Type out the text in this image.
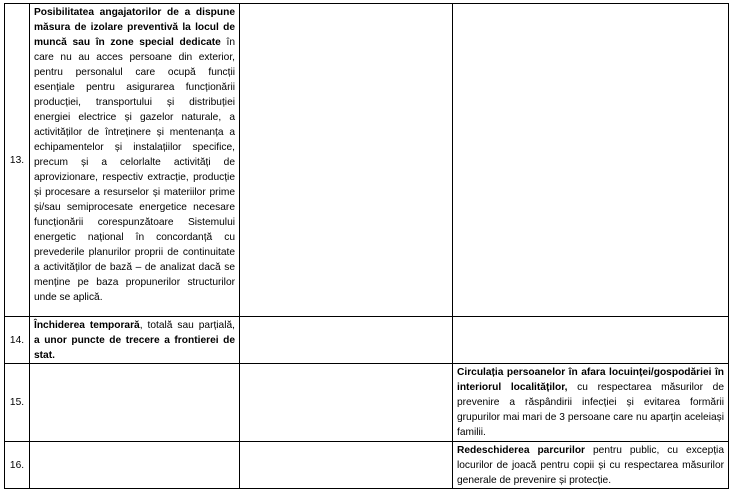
13.	Posibilitatea angajatorilor de a dispune măsura de izolare preventivă la locul de muncă sau în zone special dedicate în care nu au acces persoane din exterior, pentru personalul care ocupă funcții esențiale pentru asigurarea funcționării producției, transportului și distribuției energiei electrice și gazelor naturale, a activităților de întreținere și mentenanța a echipamentelor și instalațiilor specifice, precum și a celorlalte activități de aprovizionare, respectiv extracție, producție și procesare a resurselor și materiilor prime și/sau semiprocesate energetice necesare funcționării corespunzătoare Sistemului energetic național în concordanță cu prevederile planurilor proprii de continuitate a activităților de bază – de analizat dacă se menține pe baza propunerilor structurilor unde se aplică.		
14.	Închiderea temporară, totală sau parțială, a unor puncte de trecere a frontierei de stat.		
15.			Circulația persoanelor în afara locuinței/gospodăriei în interiorul localităților, cu respectarea măsurilor de prevenire a răspândirii infecției și evitarea formării grupurilor mai mari de 3 persoane care nu aparțin aceleiași familii.
16.			Redeschiderea parcurilor pentru public, cu excepția locurilor de joacă pentru copii și cu respectarea măsurilor generale de prevenire și protecție.
